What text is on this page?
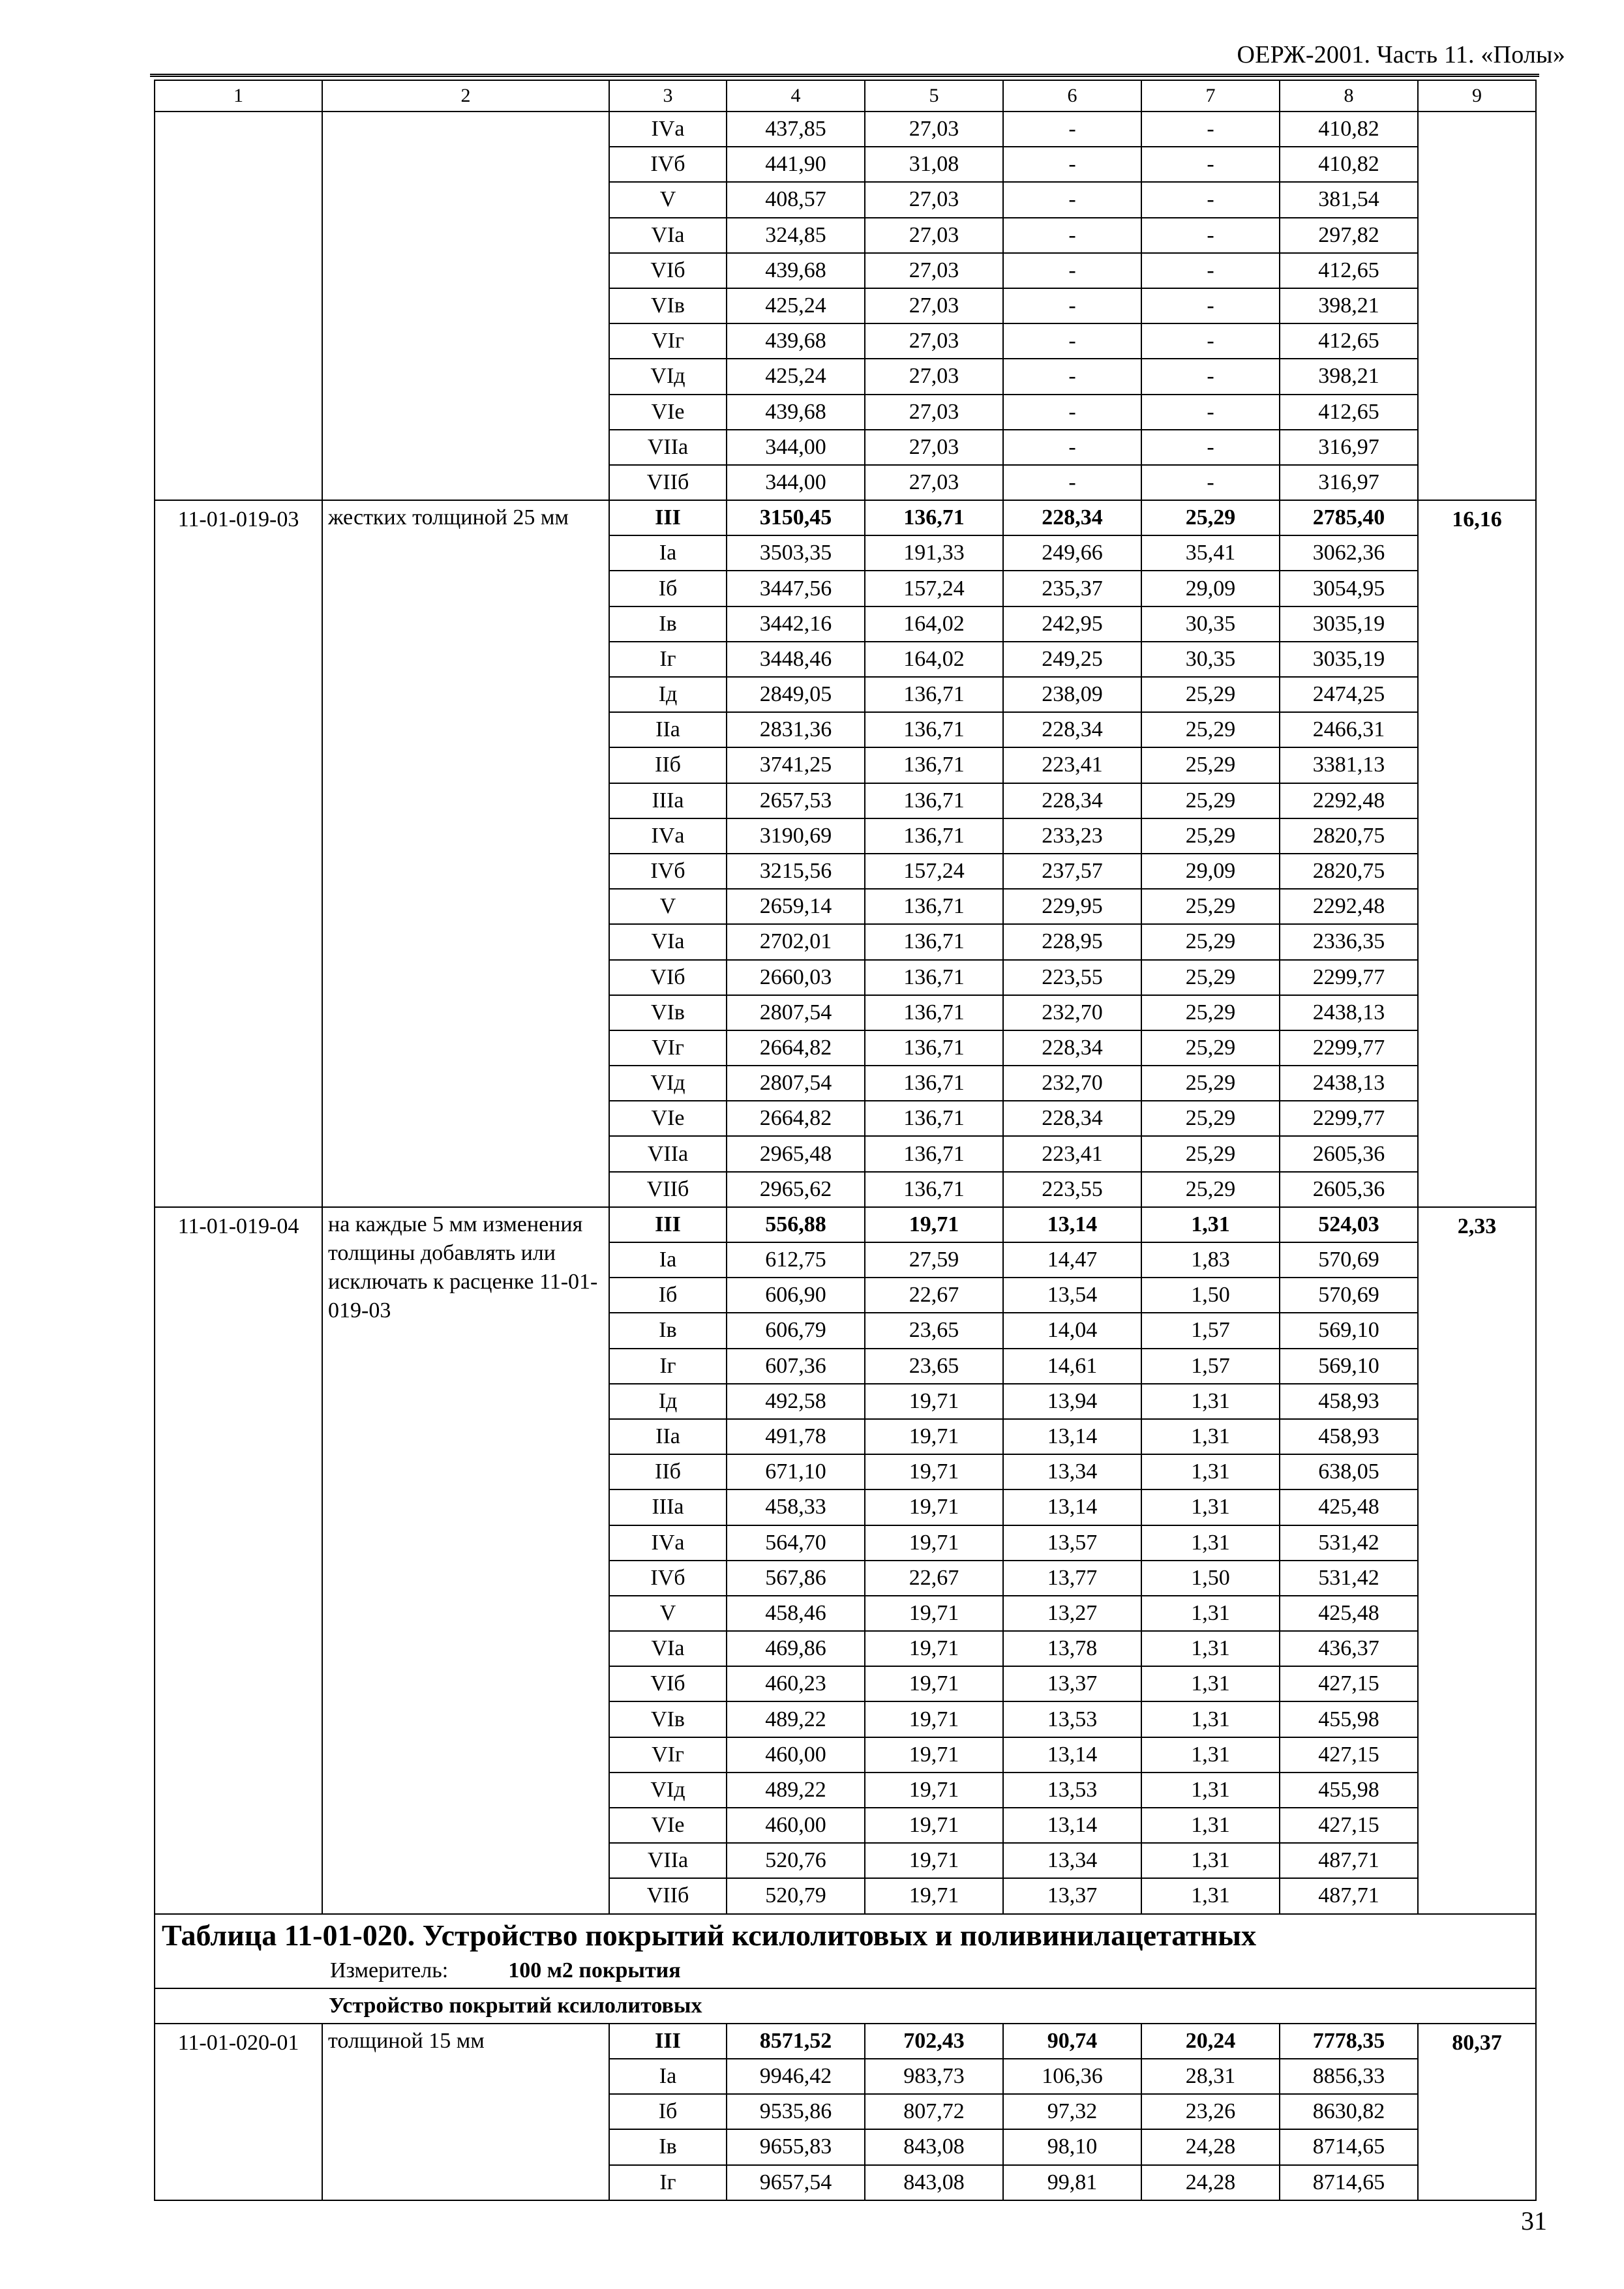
ОЕРЖ-2001. Часть 11. «Полы»
1	2	3	4	5	6	7	8	9
		IVа	437,85	27,03	-	-	410,82	
		IVб	441,90	31,08	-	-	410,82	
		V	408,57	27,03	-	-	381,54	
		VIа	324,85	27,03	-	-	297,82	
		VIб	439,68	27,03	-	-	412,65	
		VIв	425,24	27,03	-	-	398,21	
		VIг	439,68	27,03	-	-	412,65	
		VIд	425,24	27,03	-	-	398,21	
		VIе	439,68	27,03	-	-	412,65	
		VIIа	344,00	27,03	-	-	316,97	
		VIIб	344,00	27,03	-	-	316,97	
11-01-019-03	жестких толщиной 25 мм	III	3150,45	136,71	228,34	25,29	2785,40	16,16
		Iа	3503,35	191,33	249,66	35,41	3062,36	
		Iб	3447,56	157,24	235,37	29,09	3054,95	
		Iв	3442,16	164,02	242,95	30,35	3035,19	
		Iг	3448,46	164,02	249,25	30,35	3035,19	
		Iд	2849,05	136,71	238,09	25,29	2474,25	
		IIа	2831,36	136,71	228,34	25,29	2466,31	
		IIб	3741,25	136,71	223,41	25,29	3381,13	
		IIIа	2657,53	136,71	228,34	25,29	2292,48	
		IVа	3190,69	136,71	233,23	25,29	2820,75	
		IVб	3215,56	157,24	237,57	29,09	2820,75	
		V	2659,14	136,71	229,95	25,29	2292,48	
		VIа	2702,01	136,71	228,95	25,29	2336,35	
		VIб	2660,03	136,71	223,55	25,29	2299,77	
		VIв	2807,54	136,71	232,70	25,29	2438,13	
		VIг	2664,82	136,71	228,34	25,29	2299,77	
		VIд	2807,54	136,71	232,70	25,29	2438,13	
		VIе	2664,82	136,71	228,34	25,29	2299,77	
		VIIа	2965,48	136,71	223,41	25,29	2605,36	
		VIIб	2965,62	136,71	223,55	25,29	2605,36	
11-01-019-04	на каждые 5 мм изменения толщины добавлять или исключать к расценке 11-01-019-03	III	556,88	19,71	13,14	1,31	524,03	2,33
		Iа	612,75	27,59	14,47	1,83	570,69	
		Iб	606,90	22,67	13,54	1,50	570,69	
		Iв	606,79	23,65	14,04	1,57	569,10	
		Iг	607,36	23,65	14,61	1,57	569,10	
		Iд	492,58	19,71	13,94	1,31	458,93	
		IIа	491,78	19,71	13,14	1,31	458,93	
		IIб	671,10	19,71	13,34	1,31	638,05	
		IIIа	458,33	19,71	13,14	1,31	425,48	
		IVа	564,70	19,71	13,57	1,31	531,42	
		IVб	567,86	22,67	13,77	1,50	531,42	
		V	458,46	19,71	13,27	1,31	425,48	
		VIа	469,86	19,71	13,78	1,31	436,37	
		VIб	460,23	19,71	13,37	1,31	427,15	
		VIв	489,22	19,71	13,53	1,31	455,98	
		VIг	460,00	19,71	13,14	1,31	427,15	
		VIд	489,22	19,71	13,53	1,31	455,98	
		VIе	460,00	19,71	13,14	1,31	427,15	
		VIIа	520,76	19,71	13,34	1,31	487,71	
		VIIб	520,79	19,71	13,37	1,31	487,71	

Таблица 11-01-020. Устройство покрытий ксилолитовых и поливинилацетатных
Измеритель: 100 м2 покрытия								

Устройство покрытий ксилолитовых								
11-01-020-01	толщиной 15 мм	III	8571,52	702,43	90,74	20,24	7778,35	80,37
		Iа	9946,42	983,73	106,36	28,31	8856,33	
		Iб	9535,86	807,72	97,32	23,26	8630,82	
		Iв	9655,83	843,08	98,10	24,28	8714,65	
		Iг	9657,54	843,08	99,81	24,28	8714,65	
31
